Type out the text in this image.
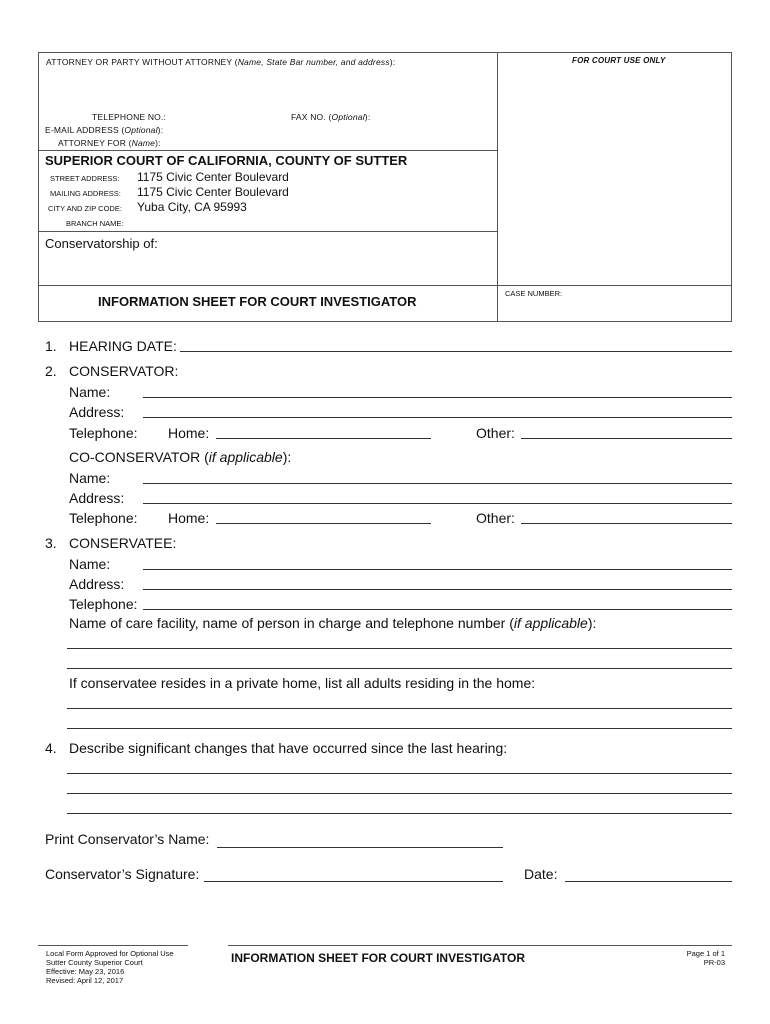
ATTORNEY OR PARTY WITHOUT ATTORNEY (Name, State Bar number, and address):	FOR COURT USE ONLY
TELEPHONE NO.:	FAX NO. (Optional):
E-MAIL ADDRESS (Optional):
ATTORNEY FOR (Name):
SUPERIOR COURT OF CALIFORNIA, COUNTY OF SUTTER
STREET ADDRESS: 1175 Civic Center Boulevard
MAILING ADDRESS: 1175 Civic Center Boulevard
CITY AND ZIP CODE: Yuba City, CA 95993
BRANCH NAME:
Conservatorship of:
INFORMATION SHEET FOR COURT INVESTIGATOR
CASE NUMBER:
1. HEARING DATE:
2. CONSERVATOR:
Name:
Address:
Telephone: Home:	Other:
CO-CONSERVATOR (if applicable):
Name:
Address:
Telephone: Home:	Other:
3. CONSERVATEE:
Name:
Address:
Telephone:
Name of care facility, name of person in charge and telephone number (if applicable):
If conservatee resides in a private home, list all adults residing in the home:
4. Describe significant changes that have occurred since the last hearing:
Print Conservator’s Name:
Conservator’s Signature:	Date:
Local Form Approved for Optional Use
Sutter County Superior Court
Effective: May 23, 2016
Revised: April 12, 2017
INFORMATION SHEET FOR COURT INVESTIGATOR	Page 1 of 1
PR-03
